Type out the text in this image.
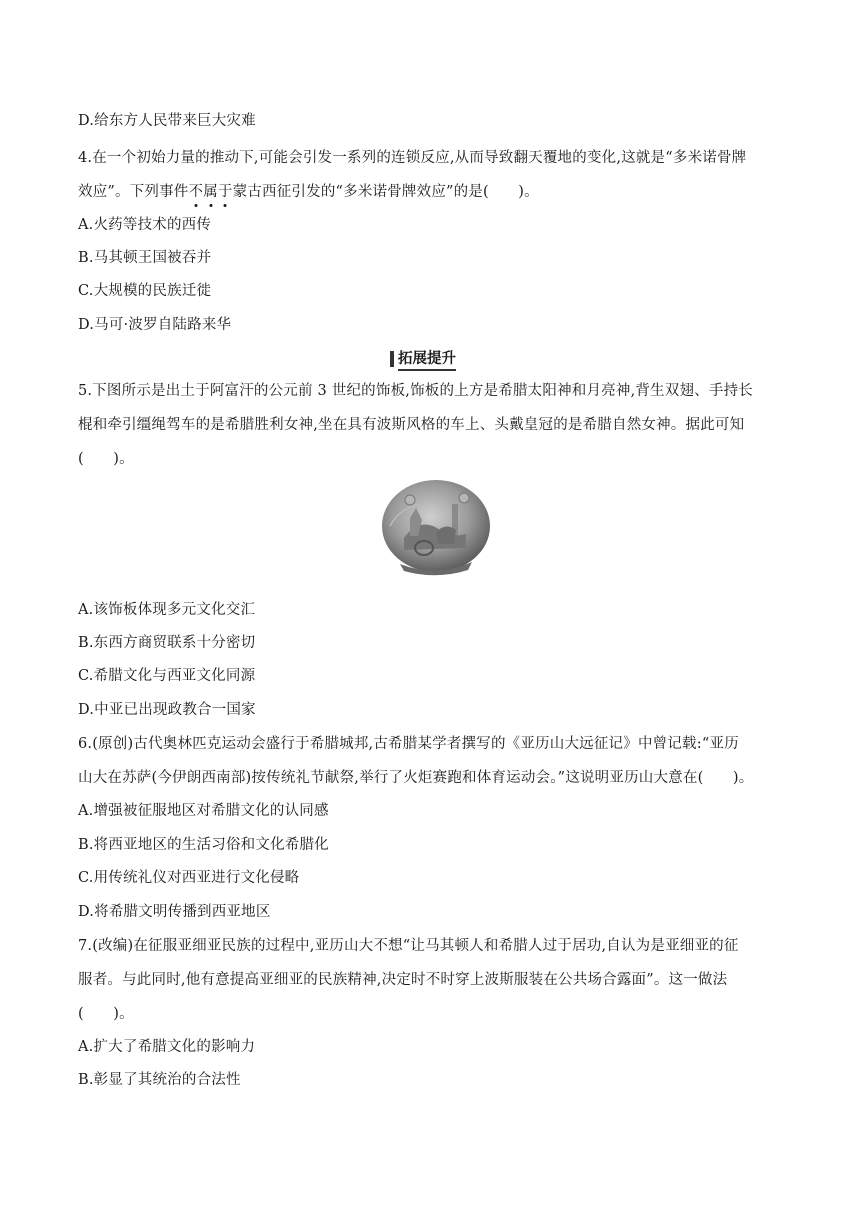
D.给东方人民带来巨大灾难
4.在一个初始力量的推动下,可能会引发一系列的连锁反应,从而导致翻天覆地的变化,这就是“多米诺骨牌
效应”。下列事件不属于蒙古西征引发的“多米诺骨牌效应”的是(　　)。
A.火药等技术的西传
B.马其顿王国被吞并
C.大规模的民族迁徙
D.马可·波罗自陆路来华
拓展提升
5.下图所示是出土于阿富汗的公元前 3 世纪的饰板,饰板的上方是希腊太阳神和月亮神,背生双翅、手持长
棍和牵引缰绳驾车的是希腊胜利女神,坐在具有波斯风格的车上、头戴皇冠的是希腊自然女神。据此可知
(　　)。
A.该饰板体现多元文化交汇
B.东西方商贸联系十分密切
C.希腊文化与西亚文化同源
D.中亚已出现政教合一国家
6.(原创)古代奥林匹克运动会盛行于希腊城邦,古希腊某学者撰写的《亚历山大远征记》中曾记载:“亚历
山大在苏萨(今伊朗西南部)按传统礼节献祭,举行了火炬赛跑和体育运动会。”这说明亚历山大意在(　　)。
A.增强被征服地区对希腊文化的认同感
B.将西亚地区的生活习俗和文化希腊化
C.用传统礼仪对西亚进行文化侵略
D.将希腊文明传播到西亚地区
7.(改编)在征服亚细亚民族的过程中,亚历山大不想“让马其顿人和希腊人过于居功,自认为是亚细亚的征
服者。与此同时,他有意提高亚细亚的民族精神,决定时不时穿上波斯服装在公共场合露面”。这一做法
(　　)。
A.扩大了希腊文化的影响力
B.彰显了其统治的合法性
